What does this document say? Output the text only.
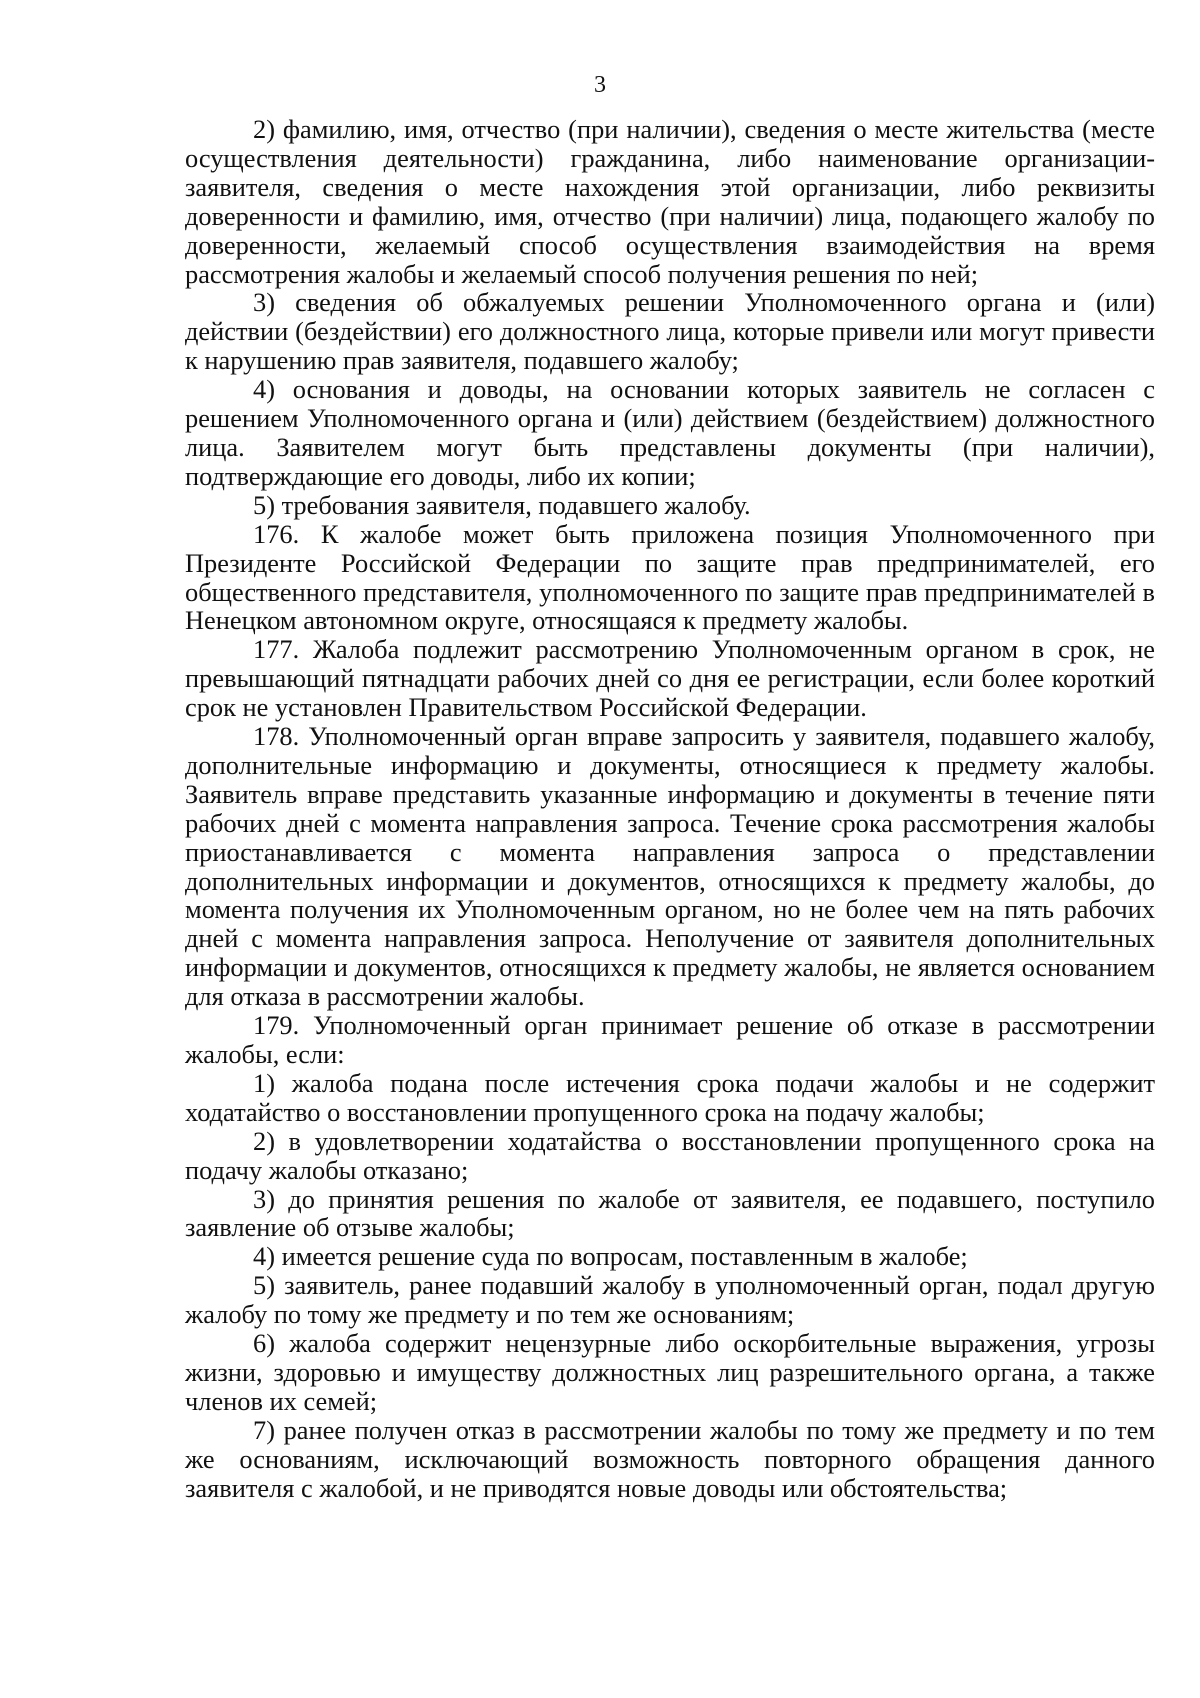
3

2) фамилию, имя, отчество (при наличии), сведения о месте жительства (месте осуществления деятельности) гражданина, либо наименование организации-заявителя, сведения о месте нахождения этой организации, либо реквизиты доверенности и фамилию, имя, отчество (при наличии) лица, подающего жалобу по доверенности, желаемый способ осуществления взаимодействия на время рассмотрения жалобы и желаемый способ получения решения по ней;

3) сведения об обжалуемых решении Уполномоченного органа и (или) действии (бездействии) его должностного лица, которые привели или могут привести к нарушению прав заявителя, подавшего жалобу;

4) основания и доводы, на основании которых заявитель не согласен с решением Уполномоченного органа и (или) действием (бездействием) должностного лица. Заявителем могут быть представлены документы (при наличии), подтверждающие его доводы, либо их копии;

5) требования заявителя, подавшего жалобу.

176. К жалобе может быть приложена позиция Уполномоченного при Президенте Российской Федерации по защите прав предпринимателей, его общественного представителя, уполномоченного по защите прав предпринимателей в Ненецком автономном округе, относящаяся к предмету жалобы.

177. Жалоба подлежит рассмотрению Уполномоченным органом в срок, не превышающий пятнадцати рабочих дней со дня ее регистрации, если более короткий срок не установлен Правительством Российской Федерации.

178. Уполномоченный орган вправе запросить у заявителя, подавшего жалобу, дополнительные информацию и документы, относящиеся к предмету жалобы. Заявитель вправе представить указанные информацию и документы в течение пяти рабочих дней с момента направления запроса. Течение срока рассмотрения жалобы приостанавливается с момента направления запроса о представлении дополнительных информации и документов, относящихся к предмету жалобы, до момента получения их Уполномоченным органом, но не более чем на пять рабочих дней с момента направления запроса. Неполучение от заявителя дополнительных информации и документов, относящихся к предмету жалобы, не является основанием для отказа в рассмотрении жалобы.

179. Уполномоченный орган принимает решение об отказе в рассмотрении жалобы, если:

1) жалоба подана после истечения срока подачи жалобы и не содержит ходатайство о восстановлении пропущенного срока на подачу жалобы;

2) в удовлетворении ходатайства о восстановлении пропущенного срока на подачу жалобы отказано;

3) до принятия решения по жалобе от заявителя, ее подавшего, поступило заявление об отзыве жалобы;

4) имеется решение суда по вопросам, поставленным в жалобе;

5) заявитель, ранее подавший жалобу в уполномоченный орган, подал другую жалобу по тому же предмету и по тем же основаниям;

6) жалоба содержит нецензурные либо оскорбительные выражения, угрозы жизни, здоровью и имуществу должностных лиц разрешительного органа, а также членов их семей;

7) ранее получен отказ в рассмотрении жалобы по тому же предмету и по тем же основаниям, исключающий возможность повторного обращения данного заявителя с жалобой, и не приводятся новые доводы или обстоятельства;
